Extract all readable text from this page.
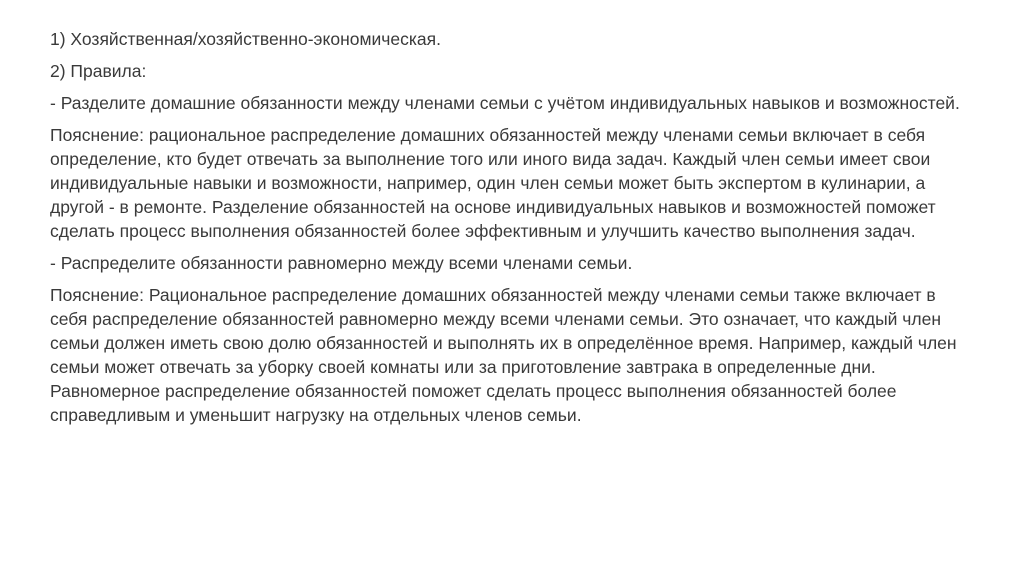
1) Хозяйственная/хозяйственно-экономическая.

2) Правила:

- Разделите домашние обязанности между членами семьи с учётом индивидуальных навыков и возможностей.

Пояснение: рациональное распределение домашних обязанностей между членами семьи включает в себя определение, кто будет отвечать за выполнение того или иного вида задач. Каждый член семьи имеет свои индивидуальные навыки и возможности, например, один член семьи может быть экспертом в кулинарии, а другой - в ремонте. Разделение обязанностей на основе индивидуальных навыков и возможностей поможет сделать процесс выполнения обязанностей более эффективным и улучшить качество выполнения задач.

- Распределите обязанности равномерно между всеми членами семьи.

Пояснение: Рациональное распределение домашних обязанностей между членами семьи также включает в себя распределение обязанностей равномерно между всеми членами семьи. Это означает, что каждый член семьи должен иметь свою долю обязанностей и выполнять их в определённое время. Например, каждый член семьи может отвечать за уборку своей комнаты или за приготовление завтрака в определенные дни. Равномерное распределение обязанностей поможет сделать процесс выполнения обязанностей более справедливым и уменьшит нагрузку на отдельных членов семьи.
